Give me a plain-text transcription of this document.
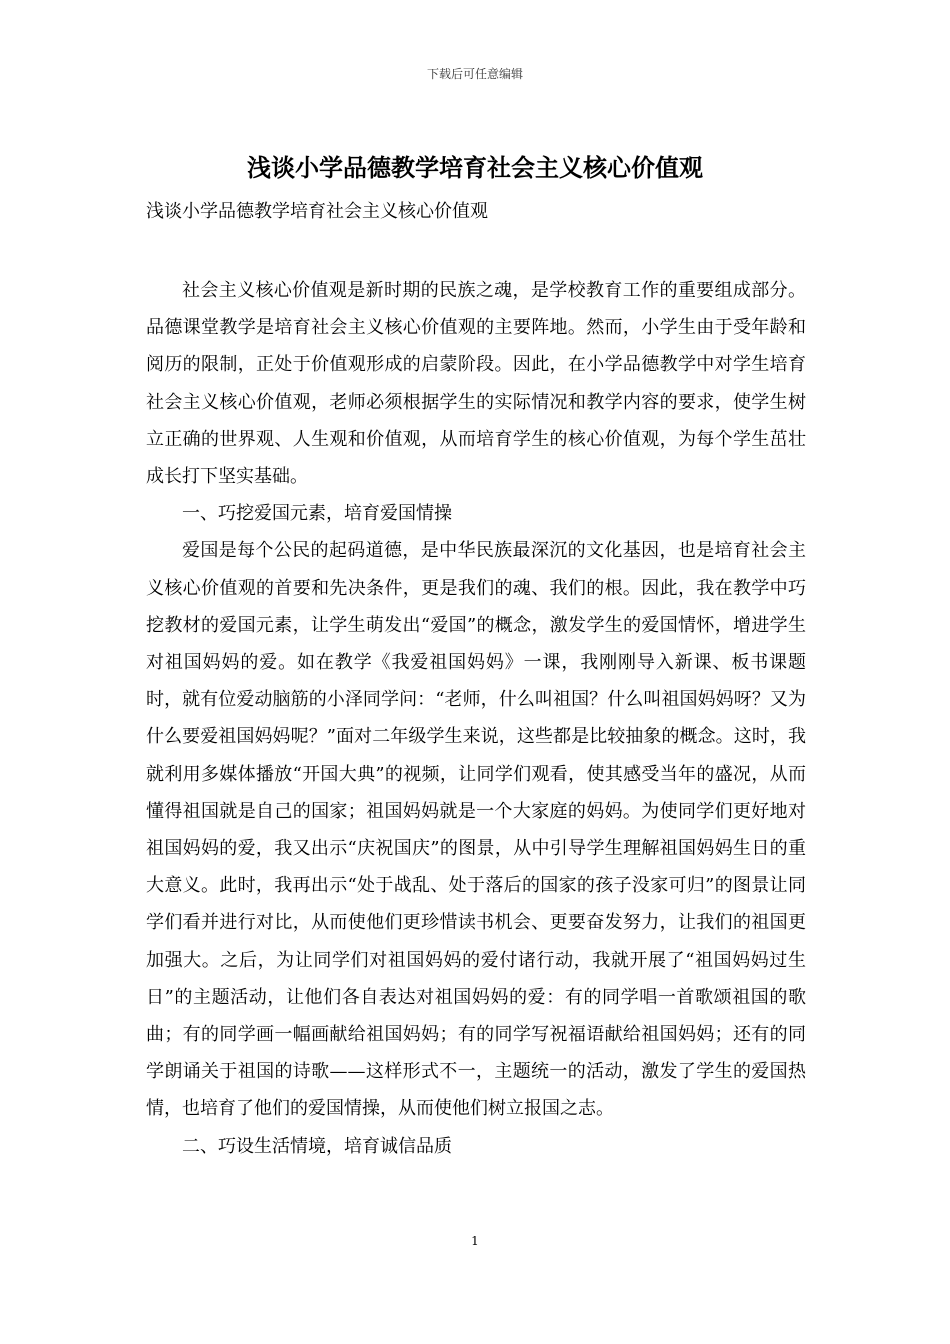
下载后可任意编辑
浅谈小学品德教学培育社会主义核心价值观

浅谈小学品德教学培育社会主义核心价值观

社会主义核心价值观是新时期的民族之魂，是学校教育工作的重要组成部分。品德课堂教学是培育社会主义核心价值观的主要阵地。然而，小学生由于受年龄和阅历的限制，正处于价值观形成的启蒙阶段。因此，在小学品德教学中对学生培育社会主义核心价值观，老师必须根据学生的实际情况和教学内容的要求，使学生树立正确的世界观、人生观和价值观，从而培育学生的核心价值观，为每个学生茁壮成长打下坚实基础。

一、巧挖爱国元素，培育爱国情操

爱国是每个公民的起码道德，是中华民族最深沉的文化基因，也是培育社会主义核心价值观的首要和先决条件，更是我们的魂、我们的根。因此，我在教学中巧挖教材的爱国元素，让学生萌发出“爱国”的概念，激发学生的爱国情怀，增进学生对祖国妈妈的爱。如在教学《我爱祖国妈妈》一课，我刚刚导入新课、板书课题时，就有位爱动脑筋的小泽同学问：“老师，什么叫祖国？什么叫祖国妈妈呀？又为什么要爱祖国妈妈呢？”面对二年级学生来说，这些都是比较抽象的概念。这时，我就利用多媒体播放“开国大典”的视频，让同学们观看，使其感受当年的盛况，从而懂得祖国就是自己的国家；祖国妈妈就是一个大家庭的妈妈。为使同学们更好地对祖国妈妈的爱，我又出示“庆祝国庆”的图景，从中引导学生理解祖国妈妈生日的重大意义。此时，我再出示“处于战乱、处于落后的国家的孩子没家可归”的图景让同学们看并进行对比，从而使他们更珍惜读书机会、更要奋发努力，让我们的祖国更加强大。之后，为让同学们对祖国妈妈的爱付诸行动，我就开展了“祖国妈妈过生日”的主题活动，让他们各自表达对祖国妈妈的爱：有的同学唱一首歌颂祖国的歌曲；有的同学画一幅画献给祖国妈妈；有的同学写祝福语献给祖国妈妈；还有的同学朗诵关于祖国的诗歌——这样形式不一，主题统一的活动，激发了学生的爱国热情，也培育了他们的爱国情操，从而使他们树立报国之志。

二、巧设生活情境，培育诚信品质

1
